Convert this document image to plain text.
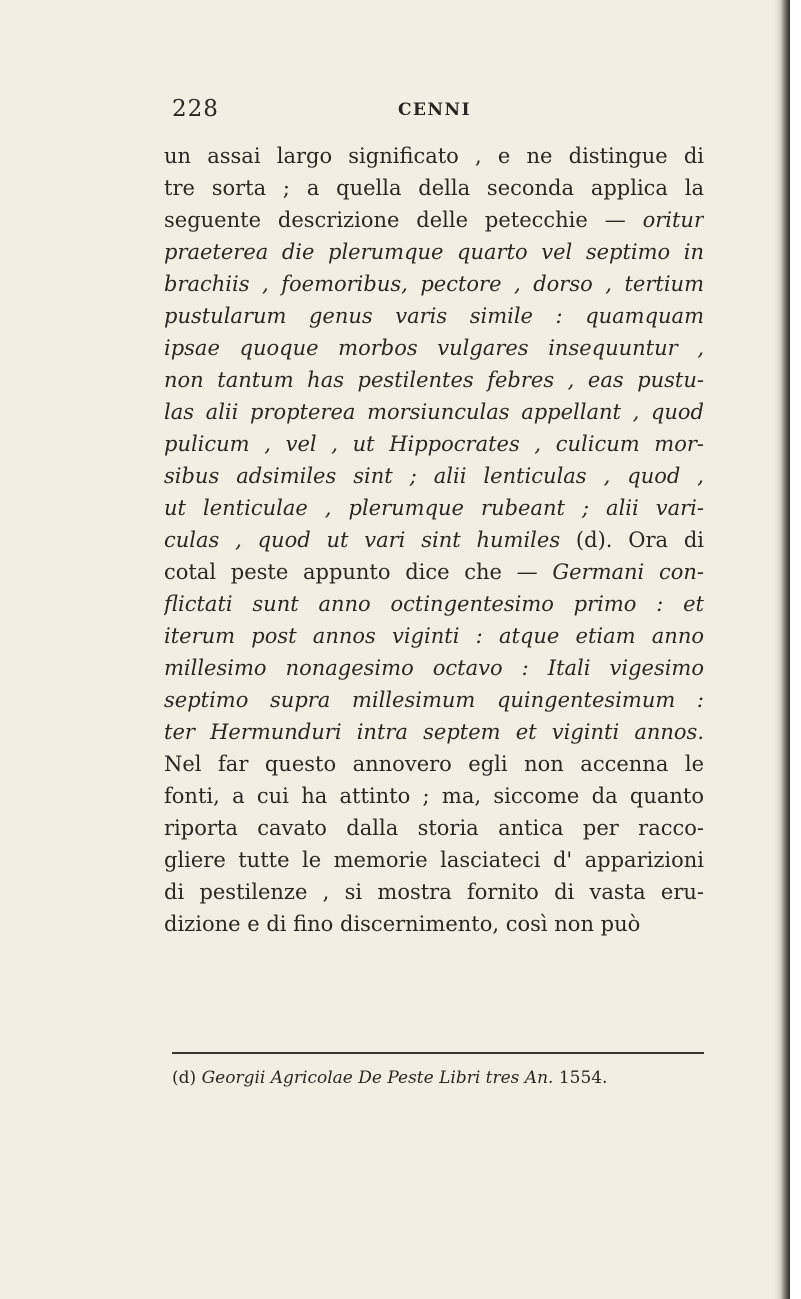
228	CENNI
un assai largo significato , e ne distingue di
tre sorta ; a quella della seconda applica la
seguente descrizione delle petecchie — oritur
praeterea die plerumque quarto vel septimo in
brachiis , foemoribus, pectore , dorso , tertium
pustularum genus varis simile : quamquam
ipsae quoque morbos vulgares insequuntur ,
non tantum has pestilentes febres , eas pustu-
las alii propterea morsiunculas appellant , quod
pulicum , vel , ut Hippocrates , culicum mor-
sibus adsimiles sint ; alii lenticulas , quod ,
ut lenticulae , plerumque rubeant ; alii vari-
culas , quod ut vari sint humiles (d). Ora di
cotal peste appunto dice che — Germani con-
flictati sunt anno octingentesimo primo : et
iterum post annos viginti : atque etiam anno
millesimo nonagesimo octavo : Itali vigesimo
septimo supra millesimum quingentesimum :
ter Hermunduri intra septem et viginti annos.
Nel far questo annovero egli non accenna le
fonti, a cui ha attinto ; ma, siccome da quanto
riporta cavato dalla storia antica per racco-
gliere tutte le memorie lasciateci d' apparizioni
di pestilenze , si mostra fornito di vasta eru-
dizione e di fino discernimento, così non può
(d) Georgii Agricolae De Peste Libri tres An. 1554.
